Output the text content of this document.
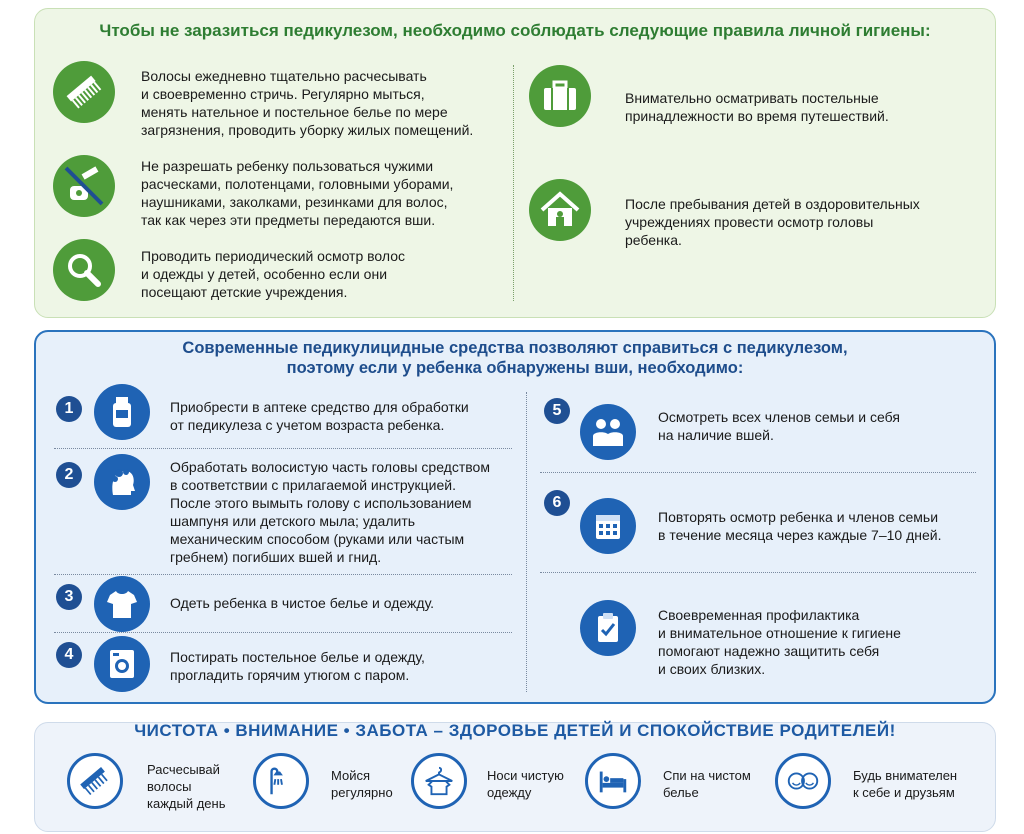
Чтобы не заразиться педикулезом, необходимо соблюдать следующие правила личной гигиены:
Волосы ежедневно тщательно расчесывать
и своевременно стричь. Регулярно мыться,
менять нательное и постельное белье по мере
загрязнения, проводить уборку жилых помещений.
Не разрешать ребенку пользоваться чужими
расческами, полотенцами, головными уборами,
наушниками, заколками, резинками для волос,
так как через эти предметы передаются вши.
Проводить периодический осмотр волос
и одежды у детей, особенно если они
посещают детские учреждения.
Внимательно осматривать постельные
принадлежности во время путешествий.
После пребывания детей в оздоровительных
учреждениях провести осмотр головы
ребенка.
Современные педикулицидные средства позволяют справиться с педикулезом,
поэтому если у ребенка обнаружены вши, необходимо:
1	Приобрести в аптеке средство для обработки
от педикулеза с учетом возраста ребенка.
2	Обработать волосистую часть головы средством
в соответствии с прилагаемой инструкцией.
После этого вымыть голову с использованием
шампуня или детского мыла; удалить
механическим способом (руками или частым
гребнем) погибших вшей и гнид.
3	Одеть ребенка в чистое белье и одежду.
4	Постирать постельное белье и одежду,
прогладить горячим утюгом с паром.
5	Осмотреть всех членов семьи и себя
на наличие вшей.
6
Повторять осмотр ребенка и членов семьи
в течение месяца через каждые 7–10 дней.
Своевременная профилактика
и внимательное отношение к гигиене
помогают надежно защитить себя
и своих близких.
ЧИСТОТА • ВНИМАНИЕ • ЗАБОТА – ЗДОРОВЬЕ ДЕТЕЙ И СПОКОЙСТВИЕ РОДИТЕЛЕЙ!
Расчесывай
волосы
каждый день
Мойся
регулярно
Носи чистую
одежду
Спи на чистом
белье
Будь внимателен
к себе и друзьям
